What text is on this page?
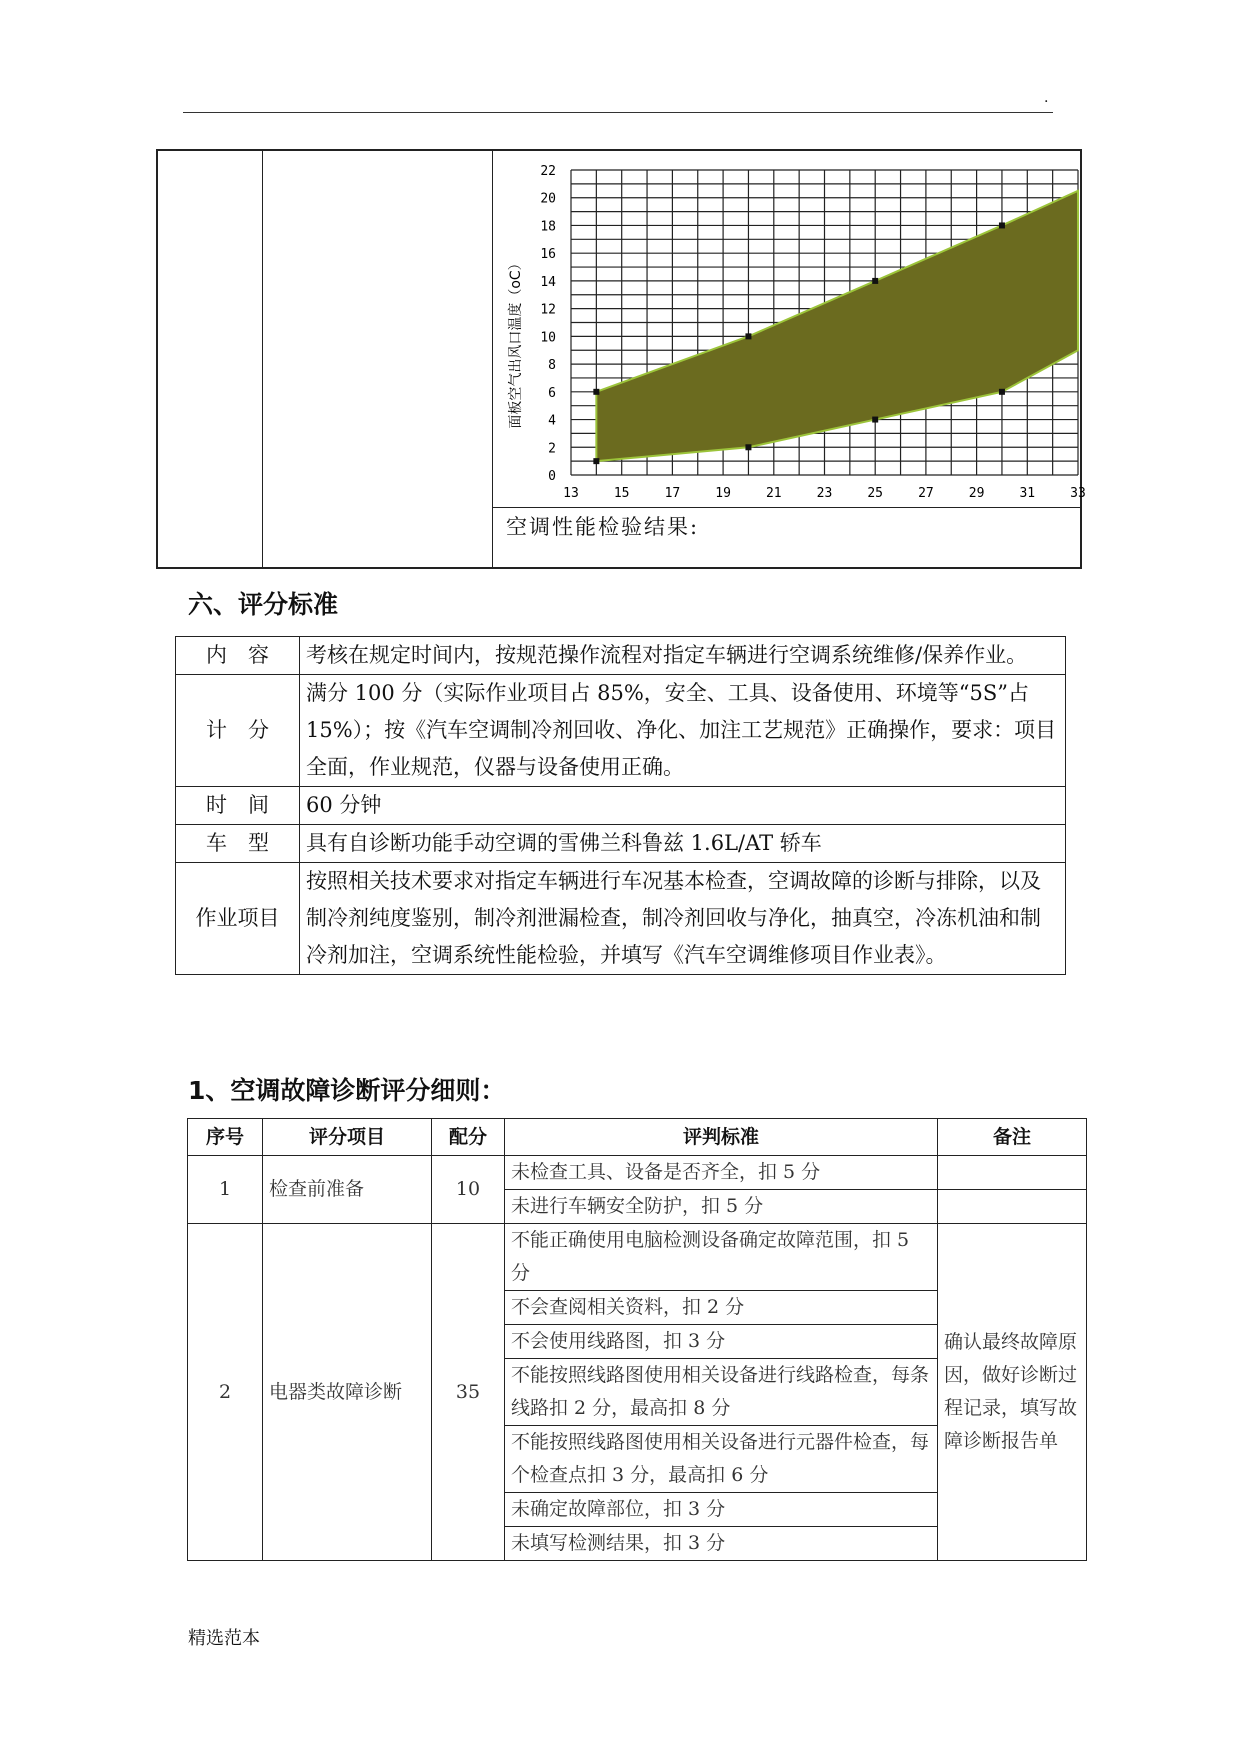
.
0
2
4
6
8
10
12
14
16
18
20
22
13	15	17	19	21	23	25	27	29	31	33
面板空气出风口温度（oC）
空调性能检验结果:
六、评分标准
内　容	考核在规定时间内，按规范操作流程对指定车辆进行空调系统维修/保养作业。
计　分	满分 100 分（实际作业项目占 85%，安全、工具、设备使用、环境等“5S”占 15%）；按《汽车空调制冷剂回收、净化、加注工艺规范》正确操作，要求：项目全面，作业规范，仪器与设备使用正确。
时　间	60 分钟
车　型	具有自诊断功能手动空调的雪佛兰科鲁兹 1.6L/AT 轿车
作业项目	按照相关技术要求对指定车辆进行车况基本检查，空调故障的诊断与排除，以及制冷剂纯度鉴别，制冷剂泄漏检查，制冷剂回收与净化，抽真空，冷冻机油和制冷剂加注，空调系统性能检验，并填写《汽车空调维修项目作业表》。
1、空调故障诊断评分细则：
序号	评分项目	配分	评判标准	备注
1	检查前准备	10	未检查工具、设备是否齐全，扣 5 分	
			未进行车辆安全防护，扣 5 分	
2	电器类故障诊断	35	不能正确使用电脑检测设备确定故障范围，扣 5 分	确认最终故障原因，做好诊断过程记录，填写故障诊断报告单
			不会查阅相关资料，扣 2 分	
			不会使用线路图，扣 3 分	
			不能按照线路图使用相关设备进行线路检查，每条线路扣 2 分，最高扣 8 分	
			不能按照线路图使用相关设备进行元器件检查，每个检查点扣 3 分，最高扣 6 分	
			未确定故障部位，扣 3 分	
			未填写检测结果，扣 3 分	
精选范本
